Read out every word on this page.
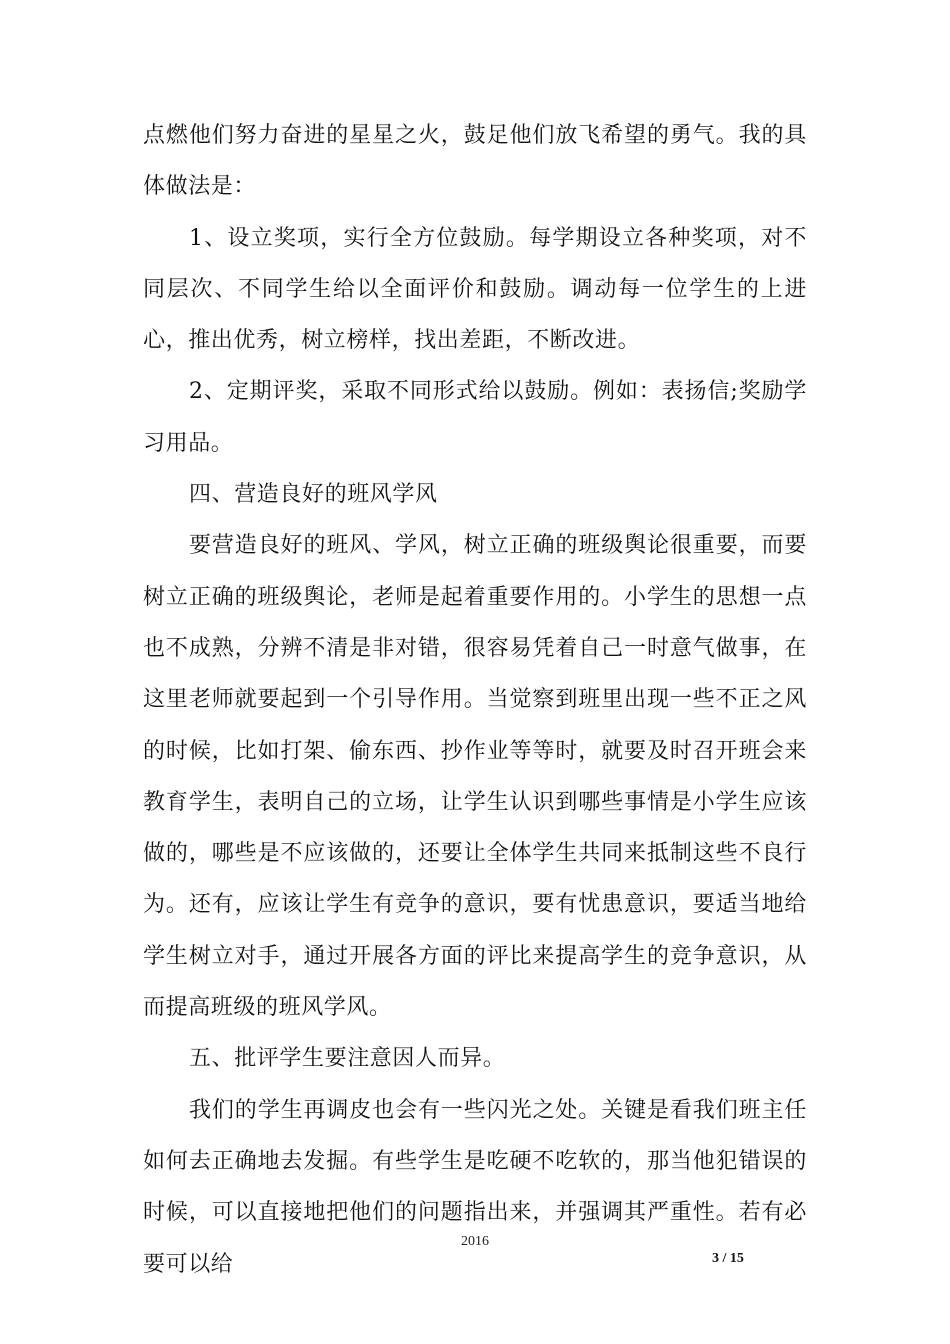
点燃他们努力奋进的星星之火，鼓足他们放飞希望的勇气。我的具体做法是：

1、设立奖项，实行全方位鼓励。每学期设立各种奖项，对不同层次、不同学生给以全面评价和鼓励。调动每一位学生的上进心，推出优秀，树立榜样，找出差距，不断改进。

2、定期评奖，采取不同形式给以鼓励。例如：表扬信;奖励学习用品。

四、营造良好的班风学风

要营造良好的班风、学风，树立正确的班级舆论很重要，而要树立正确的班级舆论，老师是起着重要作用的。小学生的思想一点也不成熟，分辨不清是非对错，很容易凭着自己一时意气做事，在这里老师就要起到一个引导作用。当觉察到班里出现一些不正之风的时候，比如打架、偷东西、抄作业等等时，就要及时召开班会来教育学生，表明自己的立场，让学生认识到哪些事情是小学生应该做的，哪些是不应该做的，还要让全体学生共同来抵制这些不良行为。还有，应该让学生有竞争的意识，要有忧患意识，要适当地给学生树立对手，通过开展各方面的评比来提高学生的竞争意识，从而提高班级的班风学风。

五、批评学生要注意因人而异。

我们的学生再调皮也会有一些闪光之处。关键是看我们班主任如何去正确地去发掘。有些学生是吃硬不吃软的，那当他犯错误的时候，可以直接地把他们的问题指出来，并强调其严重性。若有必要可以给

2016
3 / 15
